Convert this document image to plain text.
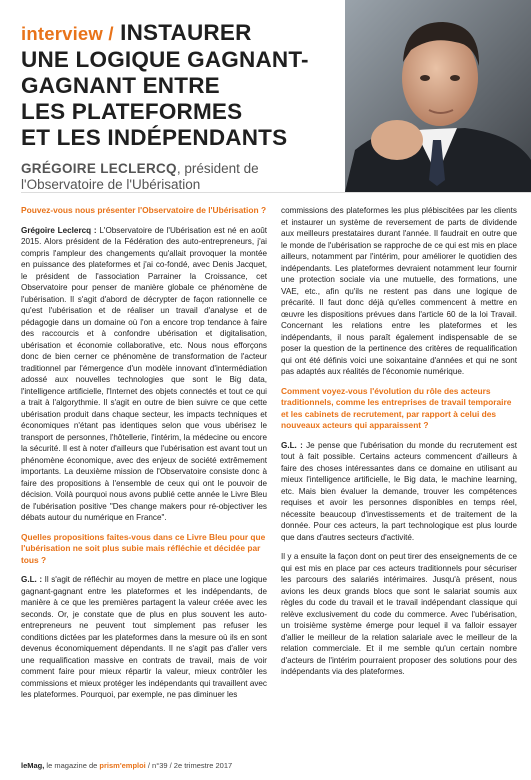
interview / INSTAURER
UNE LOGIQUE GAGNANT-
GAGNANT ENTRE
LES PLATEFORMES
ET LES INDÉPENDANTS
GRÉGOIRE LECLERCQ, président de l'Observatoire de l'Ubérisation

Pouvez-vous nous présenter l'Observatoire de l'Ubérisation ?

Grégoire Leclercq : L'Observatoire de l'Ubérisation est né en août 2015. Alors président de la Fédération des auto-entrepreneurs, j'ai compris l'ampleur des changements qu'allait provoquer la montée en puissance des plateformes et j'ai co-fondé, avec Denis Jacquet, le président de l'association Parrainer la Croissance, cet Observatoire pour penser de manière globale ce phénomène de l'ubérisation. Il s'agit d'abord de décrypter de façon rationnelle ce qu'est l'ubérisation et de réaliser un travail d'analyse et de pédagogie dans un domaine où l'on a encore trop tendance à faire des raccourcis et à confondre ubérisation et digitalisation, ubérisation et économie collaborative, etc. Nous nous efforçons donc de bien cerner ce phénomène de transformation de l'acteur traditionnel par l'émergence d'un modèle innovant d'intermédiation adossé aux nouvelles technologies que sont le Big data, l'intelligence artificielle, l'Internet des objets connectés et tout ce qui a trait à l'algorythmie. Il s'agit en outre de bien suivre ce que cette ubérisation produit dans chaque secteur, les impacts techniques et économiques n'étant pas identiques selon que vous ubérisez le transport de personnes, l'hôtellerie, l'intérim, la médecine ou encore la sécurité. Il est à noter d'ailleurs que l'ubérisation est avant tout un phénomène économique, avec des enjeux de société extrêmement importants. La deuxième mission de l'Observatoire consiste donc à faire des propositions à l'ensemble de ceux qui ont le pouvoir de décision. Voilà pourquoi nous avons publié cette année le Livre Bleu de l'ubérisation positive "Des change makers pour ré-objectiver les débats autour du numérique en France".

Quelles propositions faites-vous dans ce Livre Bleu pour que l'ubérisation ne soit plus subie mais réfléchie et décidée par tous ?

G.L. : Il s'agit de réfléchir au moyen de mettre en place une logique gagnant-gagnant entre les plateformes et les indépendants, de manière à ce que les premières partagent la valeur créée avec les seconds. Or, je constate que de plus en plus souvent les auto-entrepreneurs ne peuvent tout simplement pas refuser les conditions dictées par les plateformes dans la mesure où ils en sont devenus économiquement dépendants. Il ne s'agit pas d'aller vers une requalification massive en contrats de travail, mais de voir comment faire pour mieux répartir la valeur, mieux contrôler les commissions et mieux protéger les indépendants qui travaillent avec les plateformes. Pourquoi, par exemple, ne pas diminuer les

commissions des plateformes les plus plébiscitées par les clients et instaurer un système de reversement de parts de dividende aux meilleurs prestataires durant l'année. Il faudrait en outre que le monde de l'ubérisation se rapproche de ce qui est mis en place ailleurs, notamment par l'intérim, pour améliorer le quotidien des indépendants. Les plateformes devraient notamment leur fournir une protection sociale via une mutuelle, des formations, une VAE, etc., afin qu'ils ne restent pas dans une logique de précarité. Il faut donc déjà qu'elles commencent à mettre en œuvre les dispositions prévues dans l'article 60 de la loi Travail. Concernant les relations entre les plateformes et les indépendants, il nous paraît également indispensable de se poser la question de la pertinence des critères de requalification qui ont été définis voici une soixantaine d'années et qui ne sont pas adaptés aux réalités de l'économie numérique.

Comment voyez-vous l'évolution du rôle des acteurs traditionnels, comme les entreprises de travail temporaire et les cabinets de recrutement, par rapport à celui des nouveaux acteurs qui apparaissent ?

G.L. : Je pense que l'ubérisation du monde du recrutement est tout à fait possible. Certains acteurs commencent d'ailleurs à faire des choses intéressantes dans ce domaine en utilisant au mieux l'intelligence artificielle, le Big data, le machine learning, etc. Mais bien évaluer la demande, trouver les compétences requises et avoir les personnes disponibles en temps réel, nécessite beaucoup d'investissements et de traitement de la donnée. Pour ces acteurs, la part technologique est plus lourde que dans d'autres secteurs d'activité.

Il y a ensuite la façon dont on peut tirer des enseignements de ce qui est mis en place par ces acteurs traditionnels pour sécuriser les parcours des salariés intérimaires. Jusqu'à présent, nous avions les deux grands blocs que sont le salariat soumis aux règles du code du travail et le travail indépendant classique qui relève exclusivement du code du commerce. Avec l'ubérisation, un troisième système émerge pour lequel il va falloir essayer d'allier le meilleur de la relation salariale avec le meilleur de la relation commerciale. Et il me semble qu'un certain nombre d'acteurs de l'intérim pourraient proposer des solutions pour des indépendants via des plateformes.

leMag, le magazine de prism'emploi / n°39 / 2e trimestre 2017
